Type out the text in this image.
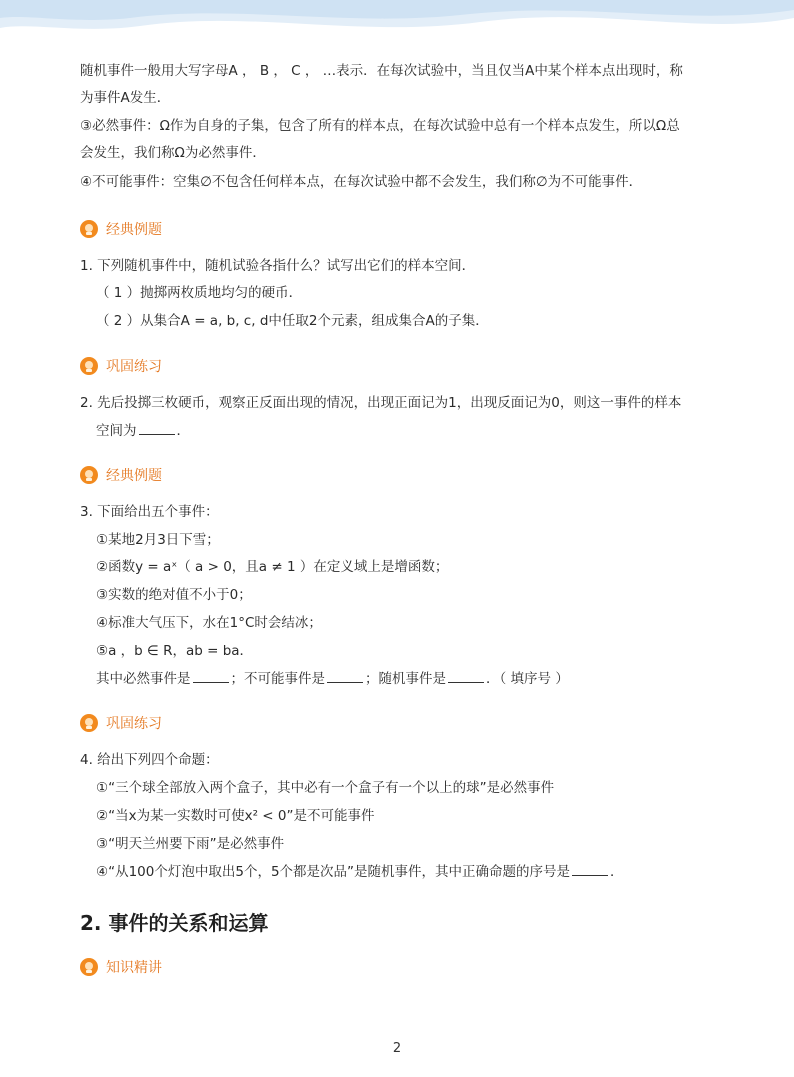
随机事件一般用大写字母A ， B ， C ， …表示．在每次试验中，当且仅当A中某个样本点出现时，称
为事件A发生．
③必然事件：Ω作为自身的子集，包含了所有的样本点，在每次试验中总有一个样本点发生，所以Ω总
会发生，我们称Ω为必然事件．
④不可能事件：空集∅不包含任何样本点，在每次试验中都不会发生，我们称∅为不可能事件．
经典例题
1. 下列随机事件中，随机试验各指什么？试写出它们的样本空间．
（ 1 ）抛掷两枚质地均匀的硬币．
（ 2 ）从集合A = a, b, c, d中任取2个元素，组成集合A的子集．
巩固练习
2. 先后投掷三枚硬币，观察正反面出现的情况，出现正面记为1，出现反面记为0，则这一事件的样本
空间为	．
经典例题
3. 下面给出五个事件：
①某地2月3日下雪；
②函数y = aˣ（ a > 0，且a ≠ 1 ）在定义域上是增函数；
③实数的绝对值不小于0；
④标准大气压下，水在1°C时会结冰；
⑤a ，b ∈ R，ab = ba．
其中必然事件是	；不可能事件是	；随机事件是	．（ 填序号 ）
巩固练习
4. 给出下列四个命题：
①“三个球全部放入两个盒子，其中必有一个盒子有一个以上的球”是必然事件
②“当x为某一实数时可使x² < 0”是不可能事件
③“明天兰州要下雨”是必然事件
④“从100个灯泡中取出5个，5个都是次品”是随机事件，其中正确命题的序号是	．
2. 事件的关系和运算
知识精讲
2
